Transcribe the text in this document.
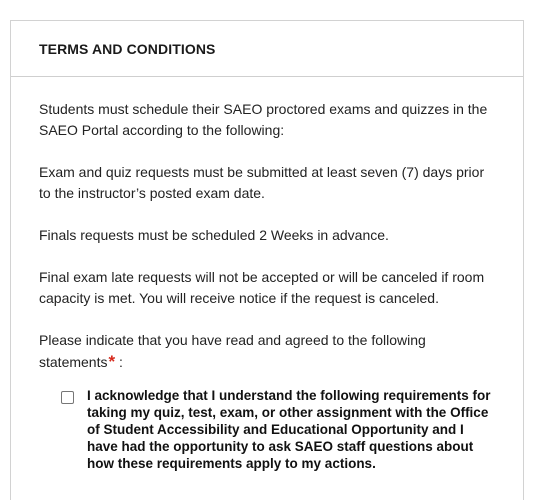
TERMS AND CONDITIONS

Students must schedule their SAEO proctored exams and quizzes in the SAEO Portal according to the following:

Exam and quiz requests must be submitted at least seven (7) days prior to the instructor’s posted exam date.

Finals requests must be scheduled 2 Weeks in advance.

Final exam late requests will not be accepted or will be canceled if room capacity is met. You will receive notice if the request is canceled.

Please indicate that you have read and agreed to the following statements* :

I acknowledge that I understand the following requirements for taking my quiz, test, exam, or other assignment with the Office of Student Accessibility and Educational Opportunity and I have had the opportunity to ask SAEO staff questions about how these requirements apply to my actions.
